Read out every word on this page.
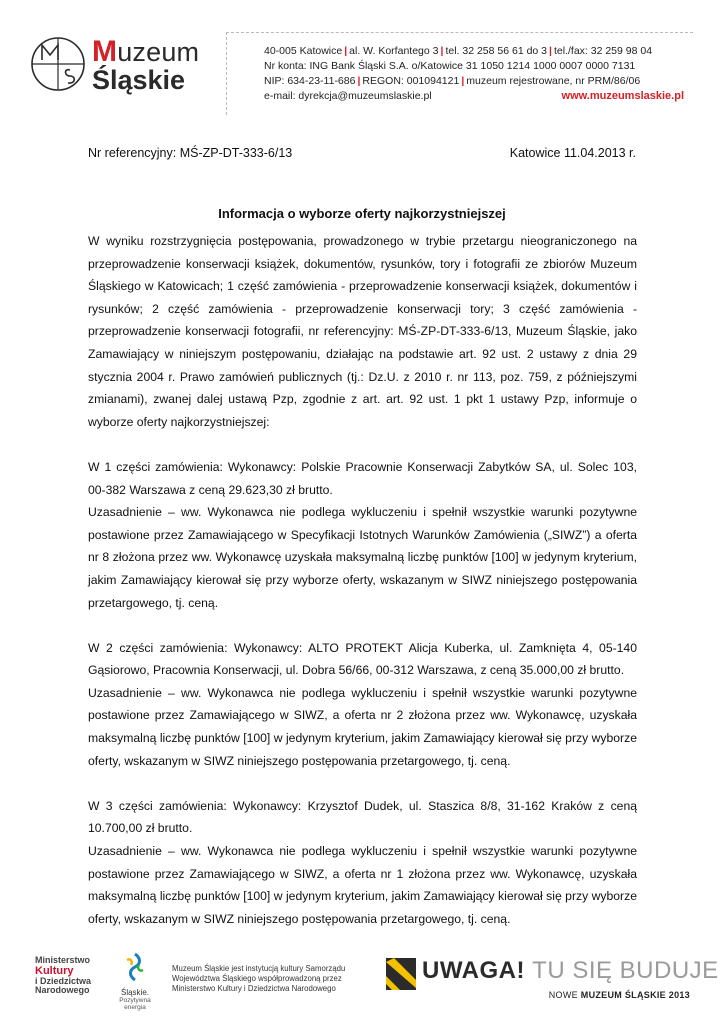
Muzeum
Śląskie
40-005 Katowice | al. W. Korfantego 3 | tel. 32 258 56 61 do 3 | tel./fax: 32 259 98 04
Nr konta: ING Bank Śląski S.A. o/Katowice 31 1050 1214 1000 0007 0000 7131
NIP: 634-23-11-686 | REGON: 001094121 | muzeum rejestrowane, nr PRM/86/06
e-mail: dyrekcja@muzeumslaskie.pl	www.muzeumslaskie.pl
Nr referencyjny: MŚ-ZP-DT-333-6/13	Katowice 11.04.2013 r.
Informacja o wyborze oferty najkorzystniejszej

W wyniku rozstrzygnięcia postępowania, prowadzonego w trybie przetargu nieograniczonego na przeprowadzenie konserwacji książek, dokumentów, rysunków, tory i fotografii ze zbiorów Muzeum Śląskiego w Katowicach; 1 część zamówienia - przeprowadzenie konserwacji książek, dokumentów i rysunków; 2 część zamówienia - przeprowadzenie konserwacji tory; 3 część zamówienia - przeprowadzenie konserwacji fotografii, nr referencyjny: MŚ-ZP-DT-333-6/13, Muzeum Śląskie, jako Zamawiający w niniejszym postępowaniu, działając na podstawie art. 92 ust. 2 ustawy z dnia 29 stycznia 2004 r. Prawo zamówień publicznych (tj.: Dz.U. z 2010 r. nr 113, poz. 759, z późniejszymi zmianami), zwanej dalej ustawą Pzp, zgodnie z art. art. 92 ust. 1 pkt 1 ustawy Pzp, informuje o wyborze oferty najkorzystniejszej:

W 1 części zamówienia: Wykonawcy: Polskie Pracownie Konserwacji Zabytków SA, ul. Solec 103, 00-382 Warszawa z ceną 29.623,30 zł brutto.

Uzasadnienie – ww. Wykonawca nie podlega wykluczeniu i spełnił wszystkie warunki pozytywne postawione przez Zamawiającego w Specyfikacji Istotnych Warunków Zamówienia („SIWZ”) a oferta nr 8 złożona przez ww. Wykonawcę uzyskała maksymalną liczbę punktów [100] w jedynym kryterium, jakim Zamawiający kierował się przy wyborze oferty, wskazanym w SIWZ niniejszego postępowania przetargowego, tj. ceną.

W 2 części zamówienia: Wykonawcy: ALTO PROTEKT Alicja Kuberka, ul. Zamknięta 4, 05-140 Gąsiorowo, Pracownia Konserwacji, ul. Dobra 56/66, 00-312 Warszawa, z ceną 35.000,00 zł brutto.

Uzasadnienie – ww. Wykonawca nie podlega wykluczeniu i spełnił wszystkie warunki pozytywne postawione przez Zamawiającego w SIWZ, a oferta nr 2 złożona przez ww. Wykonawcę, uzyskała maksymalną liczbę punktów [100] w jedynym kryterium, jakim Zamawiający kierował się przy wyborze oferty, wskazanym w SIWZ niniejszego postępowania przetargowego, tj. ceną.

W 3 części zamówienia: Wykonawcy: Krzysztof Dudek, ul. Staszica 8/8, 31-162 Kraków z ceną 10.700,00 zł brutto.

Uzasadnienie – ww. Wykonawca nie podlega wykluczeniu i spełnił wszystkie warunki pozytywne postawione przez Zamawiającego w SIWZ, a oferta nr 1 złożona przez ww. Wykonawcę, uzyskała maksymalną liczbę punktów [100] w jedynym kryterium, jakim Zamawiający kierował się przy wyborze oferty, wskazanym w SIWZ niniejszego postępowania przetargowego, tj. ceną.

Ministerstwo
Kultury
i Dziedzictwa
Narodowego	Śląskie.
Pozytywna energia
Muzeum Śląskie jest instytucją kultury Samorządu Województwa Śląskiego współprowadzoną przez Ministerstwo Kultury i Dziedzictwa Narodowego
UWAGA! TU SIĘ BUDUJE
NOWE MUZEUM ŚLĄSKIE 2013
